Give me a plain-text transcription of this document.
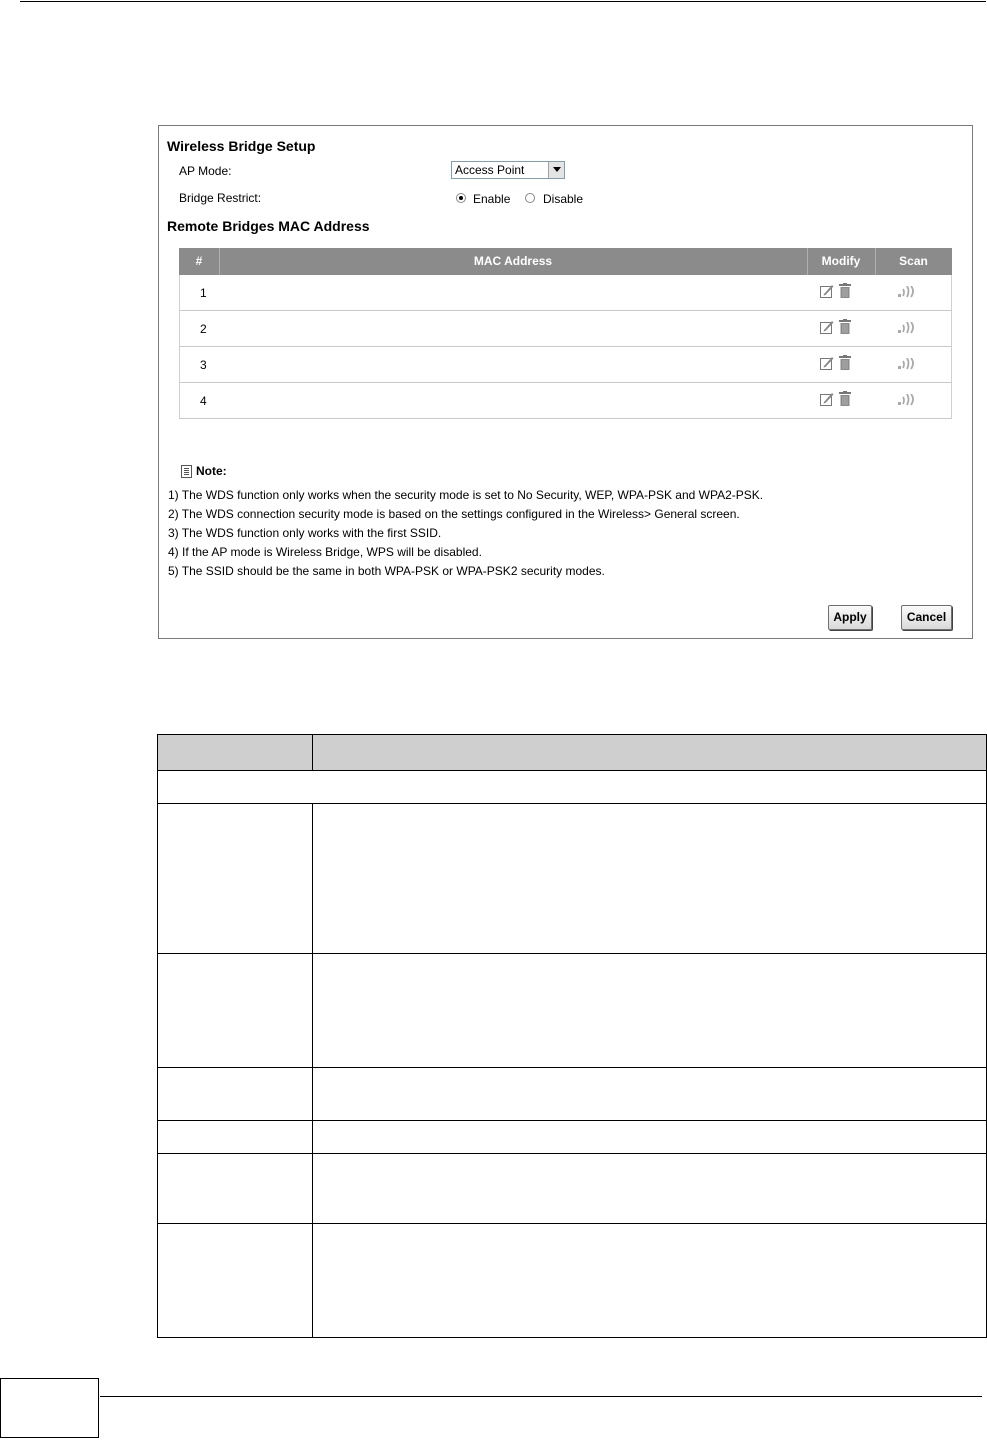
Wireless Bridge Setup
AP Mode:	Access Point
Bridge Restrict:	Enable	Disable
Remote Bridges MAC Address
#	MAC Address	Modify	Scan
1
2
3
4
Note:
1) The WDS function only works when the security mode is set to No Security, WEP, WPA-PSK and WPA2-PSK.
2) The WDS connection security mode is based on the settings configured in the Wireless> General screen.
3) The WDS function only works with the first SSID.
4) If the AP mode is Wireless Bridge, WPS will be disabled.
5) The SSID should be the same in both WPA-PSK or WPA-PSK2 security modes.
Apply	Cancel
